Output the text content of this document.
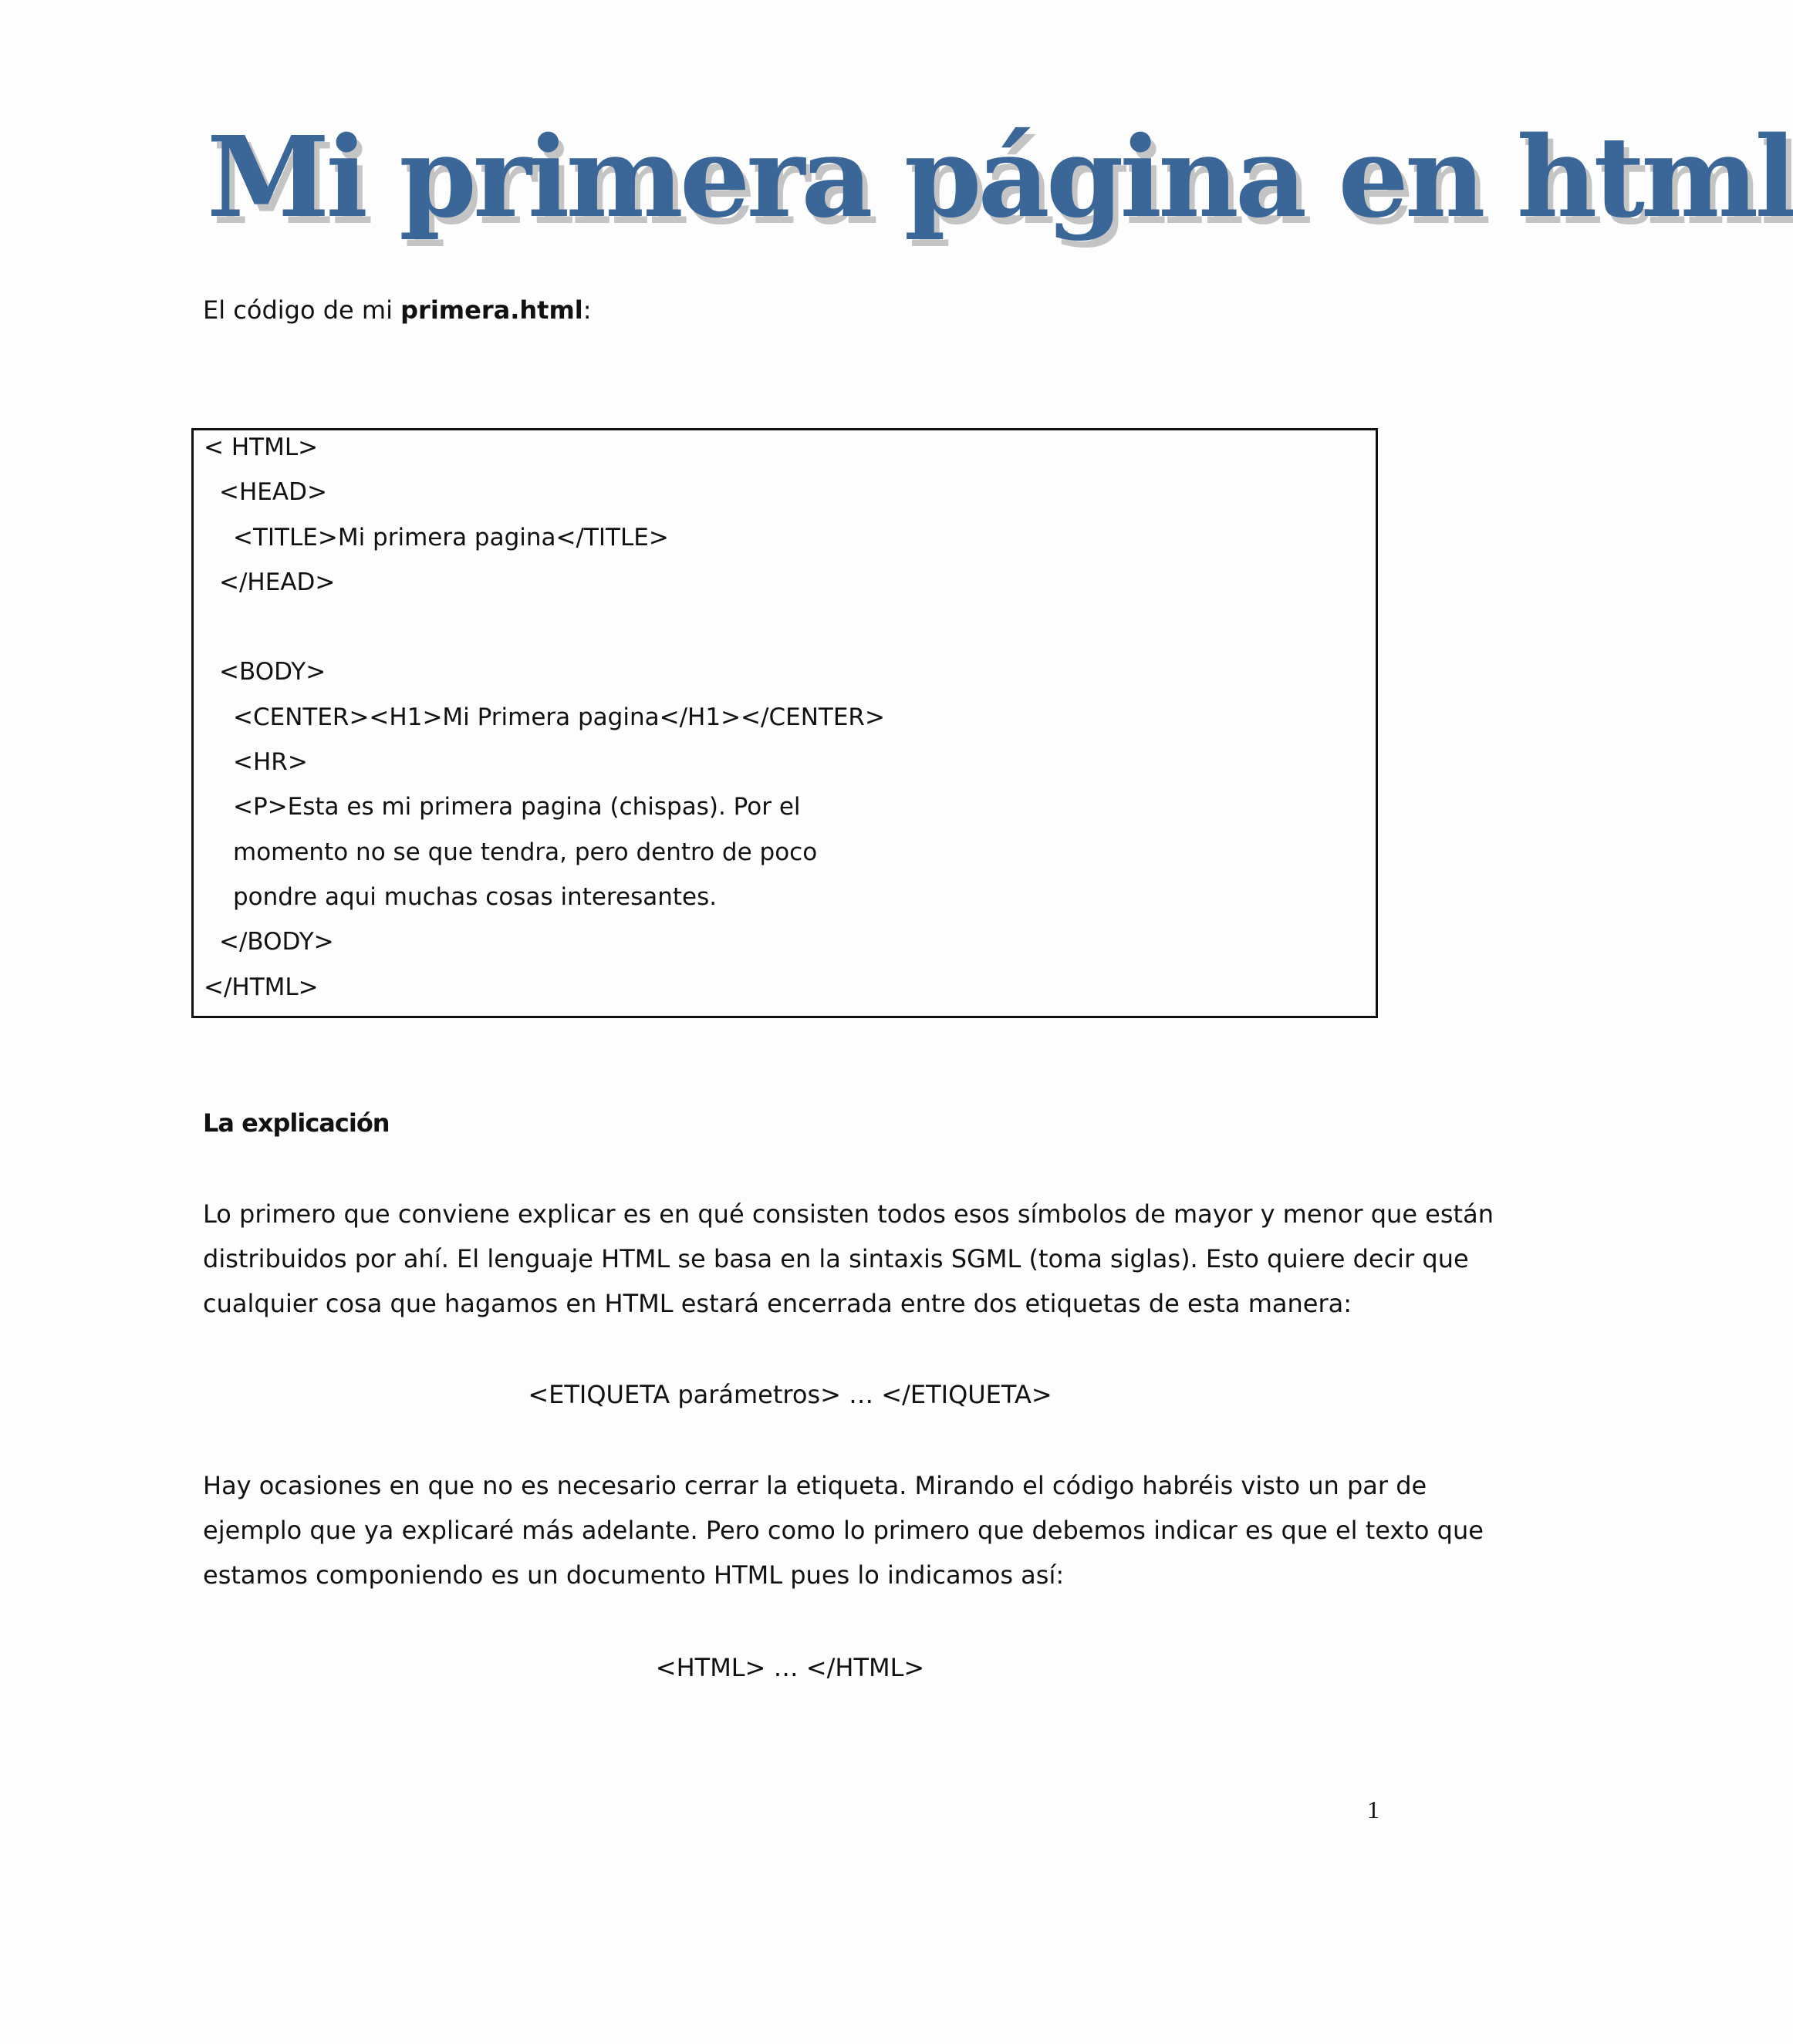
Mi primera página en html
El código de mi primera.html:
< HTML>
<HEAD>
<TITLE>Mi primera pagina</TITLE>
</HEAD>
<BODY>
<CENTER><H1>Mi Primera pagina</H1></CENTER>
<HR>
<P>Esta es mi primera pagina (chispas). Por el
momento no se que tendra, pero dentro de poco
pondre aqui muchas cosas interesantes.
</BODY>
</HTML>
La explicación
Lo primero que conviene explicar es en qué consisten todos esos símbolos de mayor y menor que están
distribuidos por ahí. El lenguaje HTML se basa en la sintaxis SGML (toma siglas). Esto quiere decir que
cualquier cosa que hagamos en HTML estará encerrada entre dos etiquetas de esta manera:
<ETIQUETA parámetros> … </ETIQUETA>
Hay ocasiones en que no es necesario cerrar la etiqueta. Mirando el código habréis visto un par de
ejemplo que ya explicaré más adelante. Pero como lo primero que debemos indicar es que el texto que
estamos componiendo es un documento HTML pues lo indicamos así:
<HTML> … </HTML>
1
